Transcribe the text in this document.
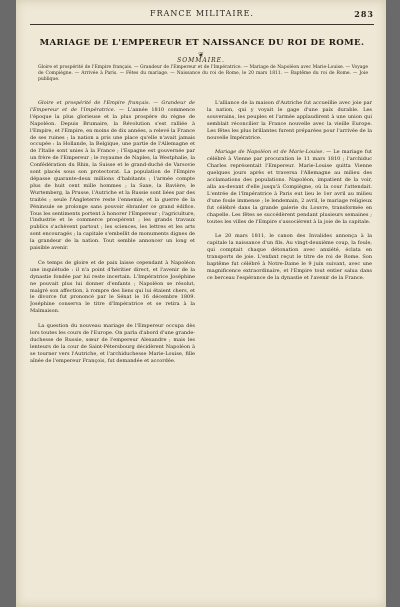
FRANCE MILITAIRE.	283
MARIAGE DE L'EMPEREUR ET NAISSANCE DU ROI DE ROME.
❦
SOMMAIRE.
Gloire et prospérité de l'Empire français. — Grandeur de l'Empereur et de l'Impératrice. — Mariage de Napoléon avec Marie-Louise. — Voyage de Compiègne. — Arrivée à Paris. — Fêtes du mariage. — Naissance du roi de Rome, le 20 mars 1811. — Baptême du roi de Rome. — Joie publique.

Gloire et prospérité de l'Empire français. — Grandeur de l'Empereur et de l'Impératrice. — L'année 1810 commence l'époque la plus glorieuse et la plus prospère du règne de Napoléon. Depuis Brumaire, la Révolution s'est ralliée à l'Empire, et l'Empire, en moins de dix années, a relevé la France de ses ruines ; la nation a pris une place qu'elle n'avait jamais occupée : la Hollande, la Belgique, une partie de l'Allemagne et de l'Italie sont unies à la France ; l'Espagne est gouvernée par un frère de l'Empereur ; le royaume de Naples, la Westphalie, la Confédération du Rhin, la Suisse et le grand-duché de Varsovie sont placés sous son protectorat. La population de l'Empire dépasse quarante-deux millions d'habitants ; l'armée compte plus de huit cent mille hommes ; la Saxe, la Bavière, le Wurtemberg, la Prusse, l'Autriche et la Russie sont liées par des traités ; seule l'Angleterre reste l'ennemie, et la guerre de la Péninsule se prolonge sans pouvoir ébranler ce grand édifice. Tous les sentiments portent à honorer l'Empereur ; l'agriculture, l'industrie et le commerce prospèrent ; les grands travaux publics s'achèvent partout ; les sciences, les lettres et les arts sont encouragés ; la capitale s'embellit de monuments dignes de la grandeur de la nation. Tout semble annoncer un long et paisible avenir.

Ce temps de gloire et de paix laisse cependant à Napoléon une inquiétude : il n'a point d'héritier direct, et l'avenir de la dynastie fondée par lui reste incertain. L'Impératrice Joséphine ne pouvait plus lui donner d'enfants ; Napoléon se résolut, malgré son affection, à rompre des liens qui lui étaient chers, et le divorce fut prononcé par le Sénat le 16 décembre 1809. Joséphine conserva le titre d'Impératrice et se retira à la Malmaison.

La question du nouveau mariage de l'Empereur occupa dès lors toutes les cours de l'Europe. On parla d'abord d'une grande-duchesse de Russie, sœur de l'empereur Alexandre ; mais les lenteurs de la cour de Saint-Pétersbourg décidèrent Napoléon à se tourner vers l'Autriche, et l'archiduchesse Marie-Louise, fille aînée de l'empereur François, fut demandée et accordée.

L'alliance de la maison d'Autriche fut accueillie avec joie par la nation, qui y voyait le gage d'une paix durable. Les souverains, les peuples et l'armée applaudirent à une union qui semblait réconcilier la France nouvelle avec la vieille Europe. Les fêtes les plus brillantes furent préparées pour l'arrivée de la nouvelle Impératrice.

Mariage de Napoléon et de Marie-Louise. — Le mariage fut célébré à Vienne par procuration le 11 mars 1810 ; l'archiduc Charles représentait l'Empereur. Marie-Louise quitta Vienne quelques jours après et traversa l'Allemagne au milieu des acclamations des populations. Napoléon, impatient de la voir, alla au-devant d'elle jusqu'à Compiègne, où la cour l'attendait. L'entrée de l'Impératrice à Paris eut lieu le 1er avril au milieu d'une foule immense ; le lendemain, 2 avril, le mariage religieux fut célébré dans la grande galerie du Louvre, transformée en chapelle. Les fêtes se succédèrent pendant plusieurs semaines ; toutes les villes de l'Empire s'associèrent à la joie de la capitale.

Le 20 mars 1811, le canon des Invalides annonça à la capitale la naissance d'un fils. Au vingt-deuxième coup, la foule, qui comptait chaque détonation avec anxiété, éclata en transports de joie. L'enfant reçut le titre de roi de Rome. Son baptême fut célébré à Notre-Dame le 9 juin suivant, avec une magnificence extraordinaire, et l'Empire tout entier salua dans ce berceau l'espérance de la dynastie et l'avenir de la France.
